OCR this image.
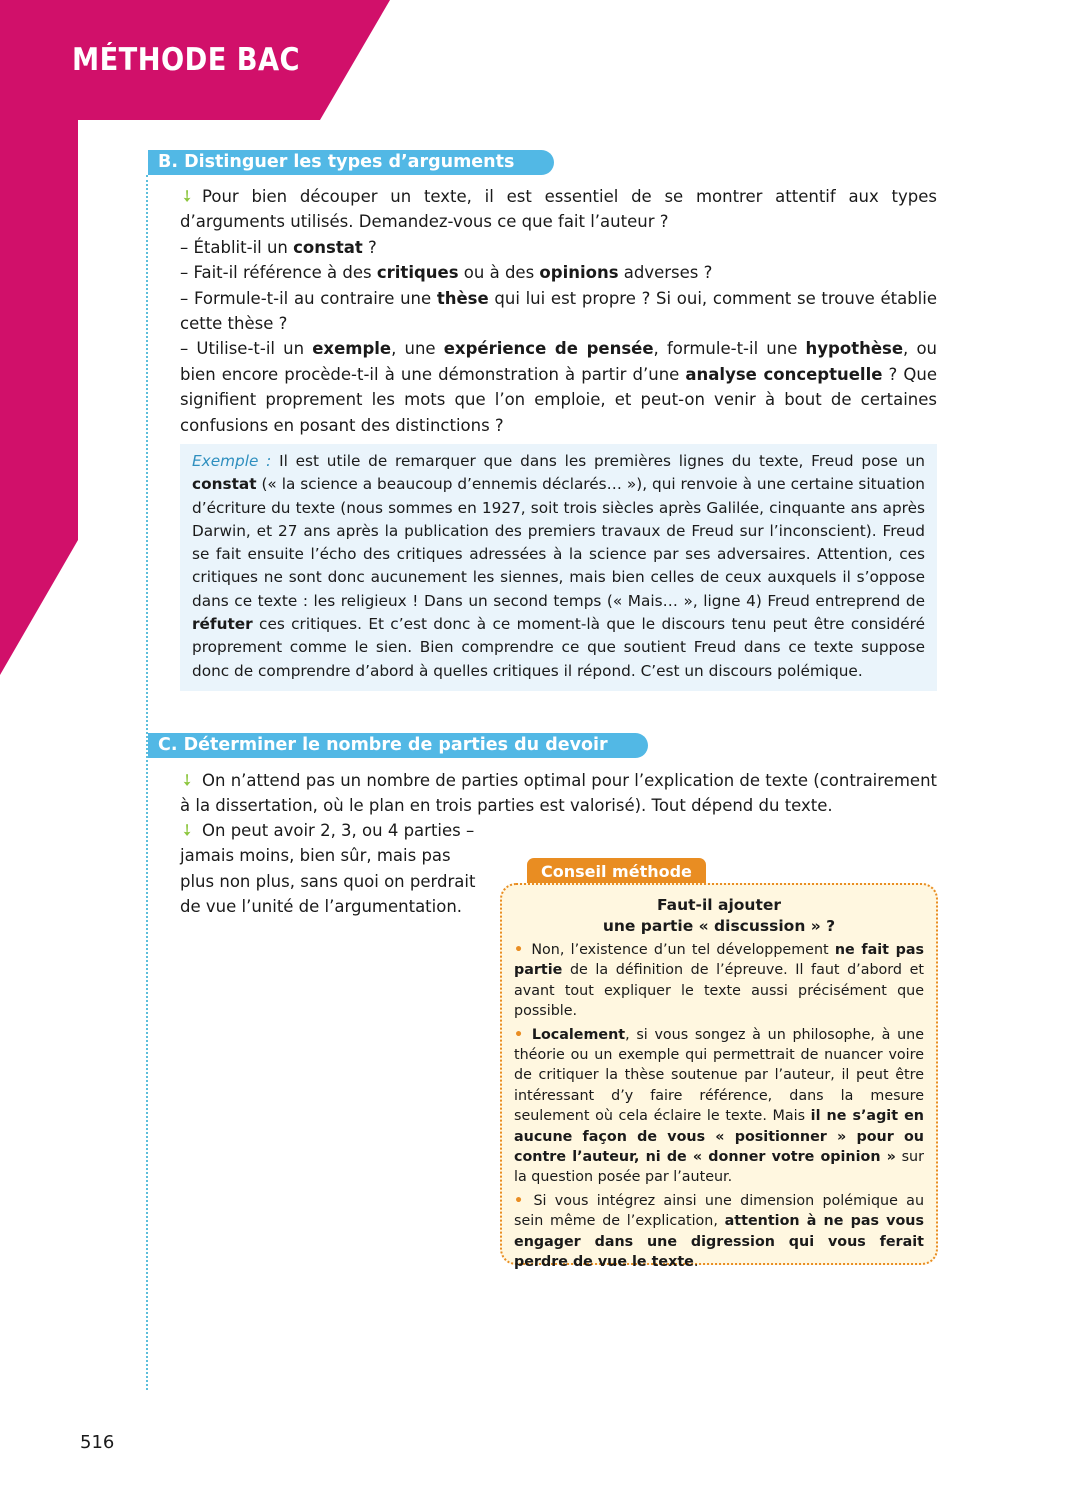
MÉTHODE BAC
B. Distinguer les types d’arguments

➘ Pour bien découper un texte, il est essentiel de se montrer attentif aux types d’arguments utilisés. Demandez-vous ce que fait l’auteur ?

– Établit-il un constat ?

– Fait-il référence à des critiques ou à des opinions adverses ?

– Formule-t-il au contraire une thèse qui lui est propre ? Si oui, comment se trouve établie cette thèse ?

– Utilise-t-il un exemple, une expérience de pensée, formule-t-il une hypothèse, ou bien encore procède-t-il à une démonstration à partir d’une analyse conceptuelle ? Que signifient proprement les mots que l’on emploie, et peut-on venir à bout de certaines confusions en posant des distinctions ?

Exemple : Il est utile de remarquer que dans les premières lignes du texte, Freud pose un constat (« la science a beaucoup d’ennemis déclarés… »), qui renvoie à une certaine situation d’écriture du texte (nous sommes en 1927, soit trois siècles après Galilée, cinquante ans après Darwin, et 27 ans après la publication des premiers travaux de Freud sur l’inconscient). Freud se fait ensuite l’écho des critiques adressées à la science par ses adversaires. Attention, ces critiques ne sont donc aucunement les siennes, mais bien celles de ceux auxquels il s’oppose dans ce texte : les religieux ! Dans un second temps (« Mais… », ligne 4) Freud entreprend de réfuter ces critiques. Et c’est donc à ce moment-là que le discours tenu peut être considéré proprement comme le sien. Bien comprendre ce que soutient Freud dans ce texte suppose donc de comprendre d’abord à quelles critiques il répond. C’est un discours polémique.
C. Déterminer le nombre de parties du devoir

➘ On n’attend pas un nombre de parties optimal pour l’explication de texte (contrairement à la dissertation, où le plan en trois parties est valorisé). Tout dépend du texte.

➘ On peut avoir 2, 3, ou 4 parties – jamais moins, bien sûr, mais pas plus non plus, sans quoi on perdrait de vue l’unité de l’argumentation.

Conseil méthode

Faut-il ajouter
une partie « discussion » ?

• Non, l’existence d’un tel développement ne fait pas partie de la définition de l’épreuve. Il faut d’abord et avant tout expliquer le texte aussi précisément que possible.

• Localement, si vous songez à un philosophe, à une théorie ou un exemple qui permettrait de nuancer voire de critiquer la thèse soutenue par l’auteur, il peut être intéressant d’y faire référence, dans la mesure seulement où cela éclaire le texte. Mais il ne s’agit en aucune façon de vous « positionner » pour ou contre l’auteur, ni de « donner votre opinion » sur la question posée par l’auteur.

• Si vous intégrez ainsi une dimension polémique au sein même de l’explication, attention à ne pas vous engager dans une digression qui vous ferait perdre de vue le texte.

516
